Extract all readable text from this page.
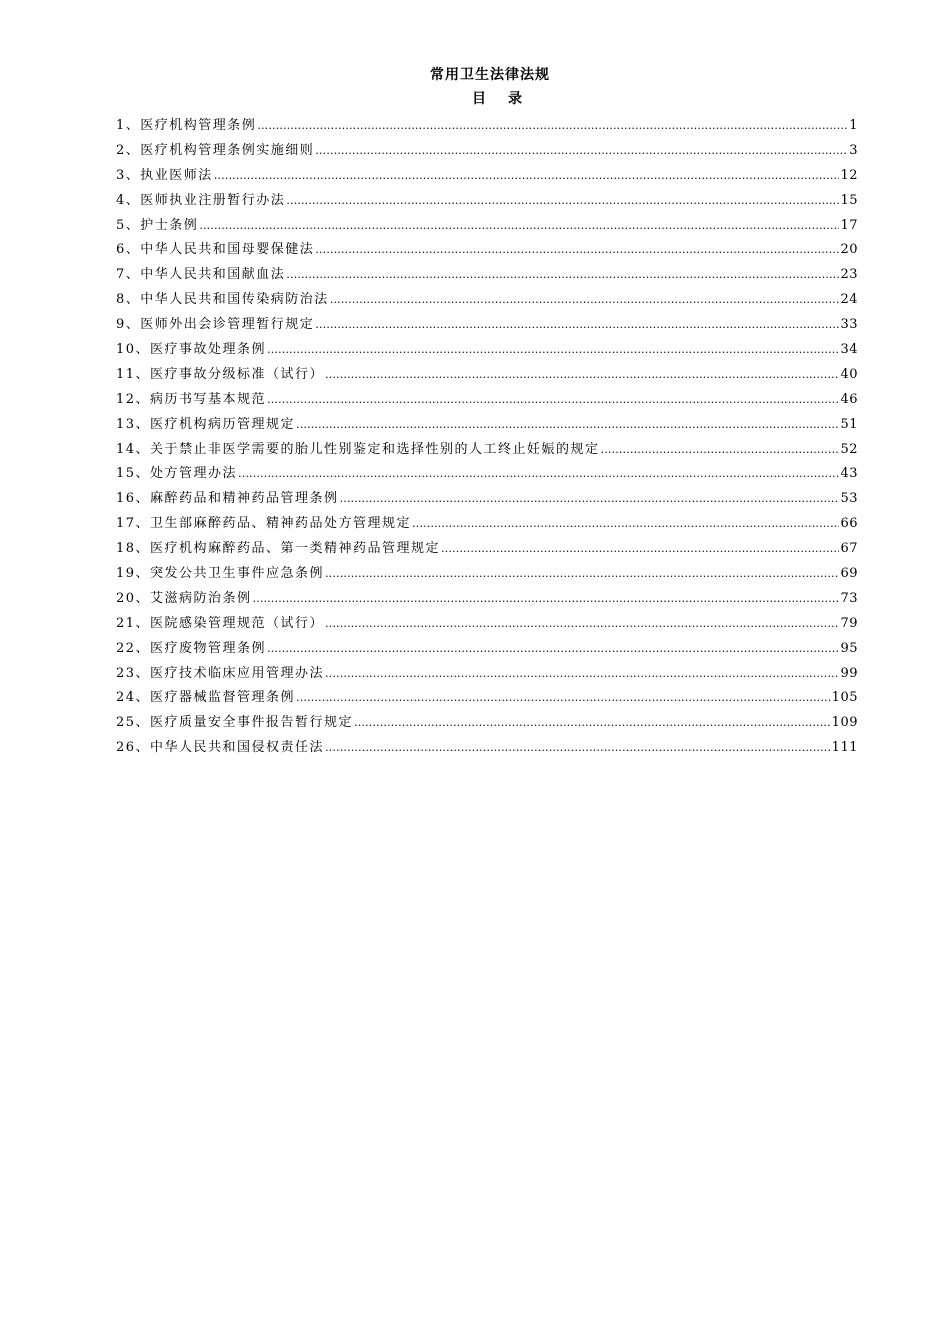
常用卫生法律法规
目录
1、医疗机构管理条例 …………………………………………………………………………………………………………………………………………………………………………………………………………………………	1
2、医疗机构管理条例实施细则 …………………………………………………………………………………………………………………………………………………………………………………………………………………………	3
3、执业医师法 …………………………………………………………………………………………………………………………………………………………………………………………………………………………	12
4、医师执业注册暂行办法 …………………………………………………………………………………………………………………………………………………………………………………………………………………………	15
5、护士条例 …………………………………………………………………………………………………………………………………………………………………………………………………………………………	17
6、中华人民共和国母婴保健法 …………………………………………………………………………………………………………………………………………………………………………………………………………………………	20
7、中华人民共和国献血法 …………………………………………………………………………………………………………………………………………………………………………………………………………………………	23
8、中华人民共和国传染病防治法 …………………………………………………………………………………………………………………………………………………………………………………………………………………………	24
9、医师外出会诊管理暂行规定 …………………………………………………………………………………………………………………………………………………………………………………………………………………………	33
10、医疗事故处理条例 …………………………………………………………………………………………………………………………………………………………………………………………………………………………	34
11、医疗事故分级标准（试行） …………………………………………………………………………………………………………………………………………………………………………………………………………………………	40
12、病历书写基本规范 …………………………………………………………………………………………………………………………………………………………………………………………………………………………	46
13、医疗机构病历管理规定 …………………………………………………………………………………………………………………………………………………………………………………………………………………………	51
14、关于禁止非医学需要的胎儿性别鉴定和选择性别的人工终止妊娠的规定 …………………………………………………………………………………………………………………………………………………………………………………………………………………………	52
15、处方管理办法 …………………………………………………………………………………………………………………………………………………………………………………………………………………………	43
16、麻醉药品和精神药品管理条例 …………………………………………………………………………………………………………………………………………………………………………………………………………………………	53
17、卫生部麻醉药品、精神药品处方管理规定 …………………………………………………………………………………………………………………………………………………………………………………………………………………………	66
18、医疗机构麻醉药品、第一类精神药品管理规定 …………………………………………………………………………………………………………………………………………………………………………………………………………………………	67
19、突发公共卫生事件应急条例 …………………………………………………………………………………………………………………………………………………………………………………………………………………………	69
20、艾滋病防治条例 …………………………………………………………………………………………………………………………………………………………………………………………………………………………	73
21、医院感染管理规范（试行） …………………………………………………………………………………………………………………………………………………………………………………………………………………………	79
22、医疗废物管理条例 …………………………………………………………………………………………………………………………………………………………………………………………………………………………	95
23、医疗技术临床应用管理办法 …………………………………………………………………………………………………………………………………………………………………………………………………………………………	99
24、医疗器械监督管理条例 …………………………………………………………………………………………………………………………………………………………………………………………………………………………	105
25、医疗质量安全事件报告暂行规定 …………………………………………………………………………………………………………………………………………………………………………………………………………………………	109
26、中华人民共和国侵权责任法 …………………………………………………………………………………………………………………………………………………………………………………………………………………………	111
